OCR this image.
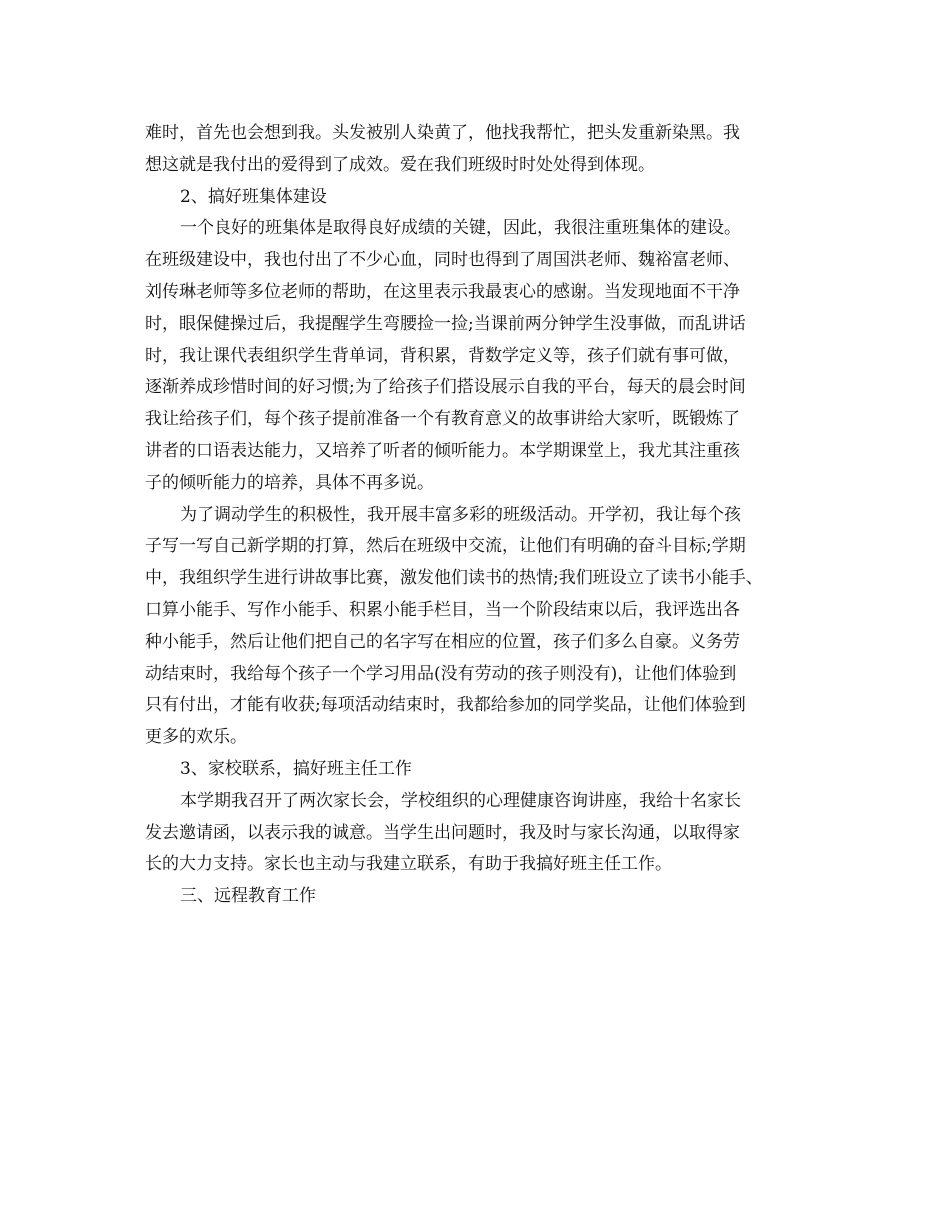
难时，首先也会想到我。头发被别人染黄了，他找我帮忙，把头发重新染黑。我
想这就是我付出的爱得到了成效。爱在我们班级时时处处得到体现。
2、搞好班集体建设
一个良好的班集体是取得良好成绩的关键，因此，我很注重班集体的建设。
在班级建设中，我也付出了不少心血，同时也得到了周国洪老师、魏裕富老师、
刘传琳老师等多位老师的帮助，在这里表示我最衷心的感谢。当发现地面不干净
时，眼保健操过后，我提醒学生弯腰捡一捡;当课前两分钟学生没事做，而乱讲话
时，我让课代表组织学生背单词，背积累，背数学定义等，孩子们就有事可做，
逐渐养成珍惜时间的好习惯;为了给孩子们搭设展示自我的平台，每天的晨会时间
我让给孩子们，每个孩子提前准备一个有教育意义的故事讲给大家听，既锻炼了
讲者的口语表达能力，又培养了听者的倾听能力。本学期课堂上，我尤其注重孩
子的倾听能力的培养，具体不再多说。
为了调动学生的积极性，我开展丰富多彩的班级活动。开学初，我让每个孩
子写一写自己新学期的打算，然后在班级中交流，让他们有明确的奋斗目标;学期
中，我组织学生进行讲故事比赛，激发他们读书的热情;我们班设立了读书小能手、
口算小能手、写作小能手、积累小能手栏目，当一个阶段结束以后，我评选出各
种小能手，然后让他们把自己的名字写在相应的位置，孩子们多么自豪。义务劳
动结束时，我给每个孩子一个学习用品(没有劳动的孩子则没有)，让他们体验到
只有付出，才能有收获;每项活动结束时，我都给参加的同学奖品，让他们体验到
更多的欢乐。
3、家校联系，搞好班主任工作
本学期我召开了两次家长会，学校组织的心理健康咨询讲座，我给十名家长
发去邀请函，以表示我的诚意。当学生出问题时，我及时与家长沟通，以取得家
长的大力支持。家长也主动与我建立联系，有助于我搞好班主任工作。
三、远程教育工作
